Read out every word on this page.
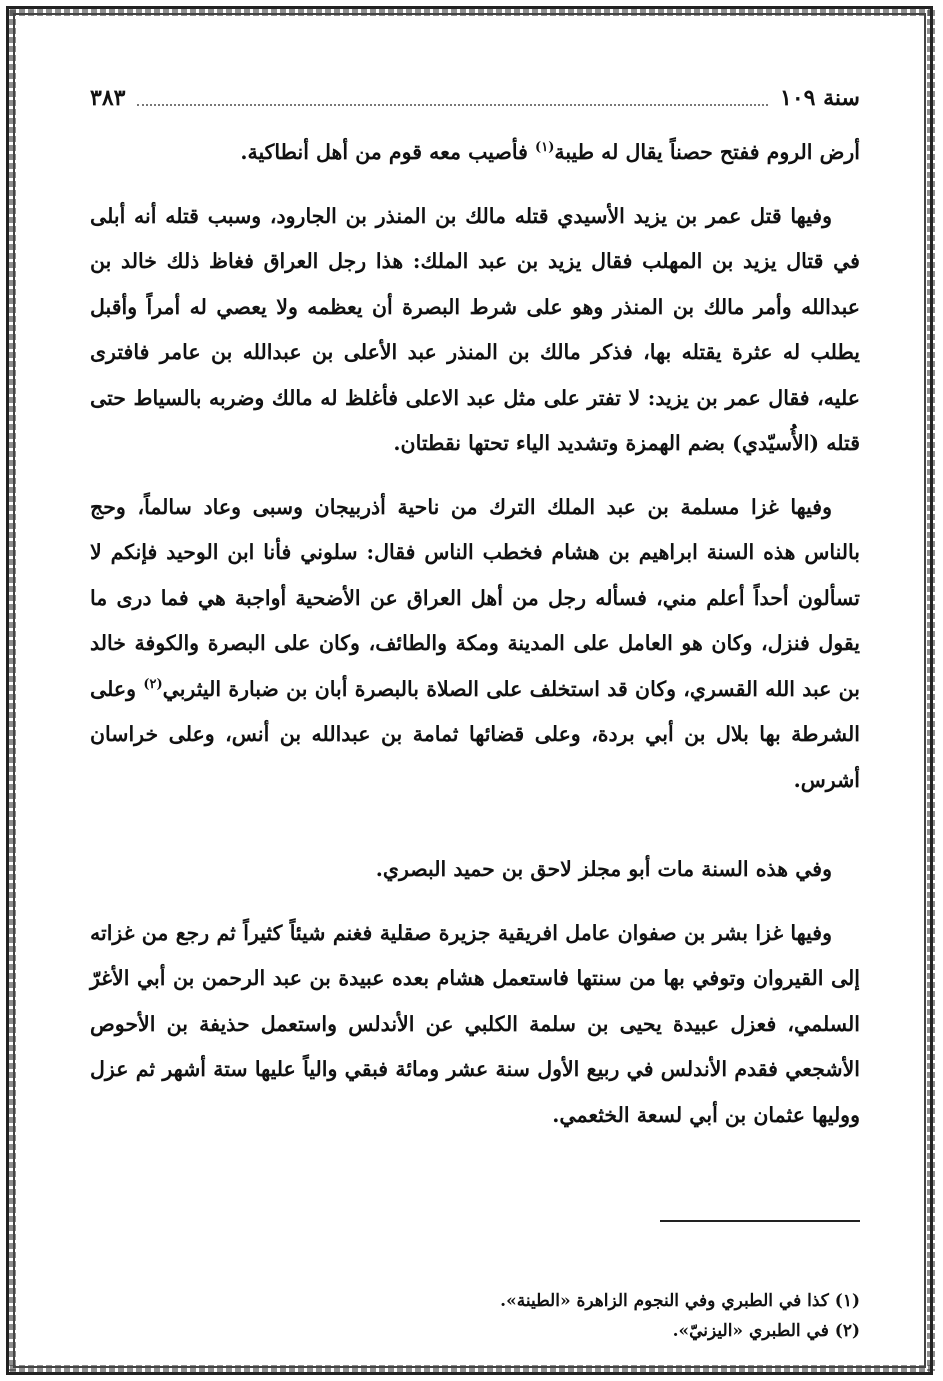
سنة ١٠٩
٣٨٣

أرض الروم ففتح حصناً يقال له طيبة$^{(١)}$ فأصيب معه قوم من أهل أنطاكية.

وفيها قتل عمر بن يزيد الأسيدي قتله مالك بن المنذر بن الجارود، وسبب قتله أنه أبلى في قتال يزيد بن المهلب فقال يزيد بن عبد الملك: هذا رجل العراق فغاظ ذلك خالد بن عبدالله وأمر مالك بن المنذر وهو على شرط البصرة أن يعظمه ولا يعصي له أمراً وأقبل يطلب له عثرة يقتله بها، فذكر مالك بن المنذر عبد الأعلى بن عبدالله بن عامر فافترى عليه، فقال عمر بن يزيد: لا تفتر على مثل عبد الاعلى فأغلظ له مالك وضربه بالسياط حتى قتله (الأُسيّدي) بضم الهمزة وتشديد الياء تحتها نقطتان.

وفيها غزا مسلمة بن عبد الملك الترك من ناحية أذربيجان وسبى وعاد سالماً، وحج بالناس هذه السنة ابراهيم بن هشام فخطب الناس فقال: سلوني فأنا ابن الوحيد فإنكم لا تسألون أحداً أعلم مني، فسأله رجل من أهل العراق عن الأضحية أواجبة هي فما درى ما يقول فنزل، وكان هو العامل على المدينة ومكة والطائف، وكان على البصرة والكوفة خالد بن عبد الله القسري، وكان قد استخلف على الصلاة بالبصرة أبان بن ضبارة اليثربي$^{(٢)}$ وعلى الشرطة بها بلال بن أبي بردة، وعلى قضائها ثمامة بن عبدالله بن أنس، وعلى خراسان أشرس.

وفي هذه السنة مات أبو مجلز لاحق بن حميد البصري.

وفيها غزا بشر بن صفوان عامل افريقية جزيرة صقلية فغنم شيئاً كثيراً ثم رجع من غزاته إلى القيروان وتوفي بها من سنتها فاستعمل هشام بعده عبيدة بن عبد الرحمن بن أبي الأغرّ السلمي، فعزل عبيدة يحيى بن سلمة الكلبي عن الأندلس واستعمل حذيفة بن الأحوص الأشجعي فقدم الأندلس في ربيع الأول سنة عشر ومائة فبقي والياً عليها ستة أشهر ثم عزل ووليها عثمان بن أبي لسعة الخثعمي.

(١) كذا في الطبري وفي النجوم الزاهرة «الطينة».

(٢) في الطبري «اليزنيّ».
